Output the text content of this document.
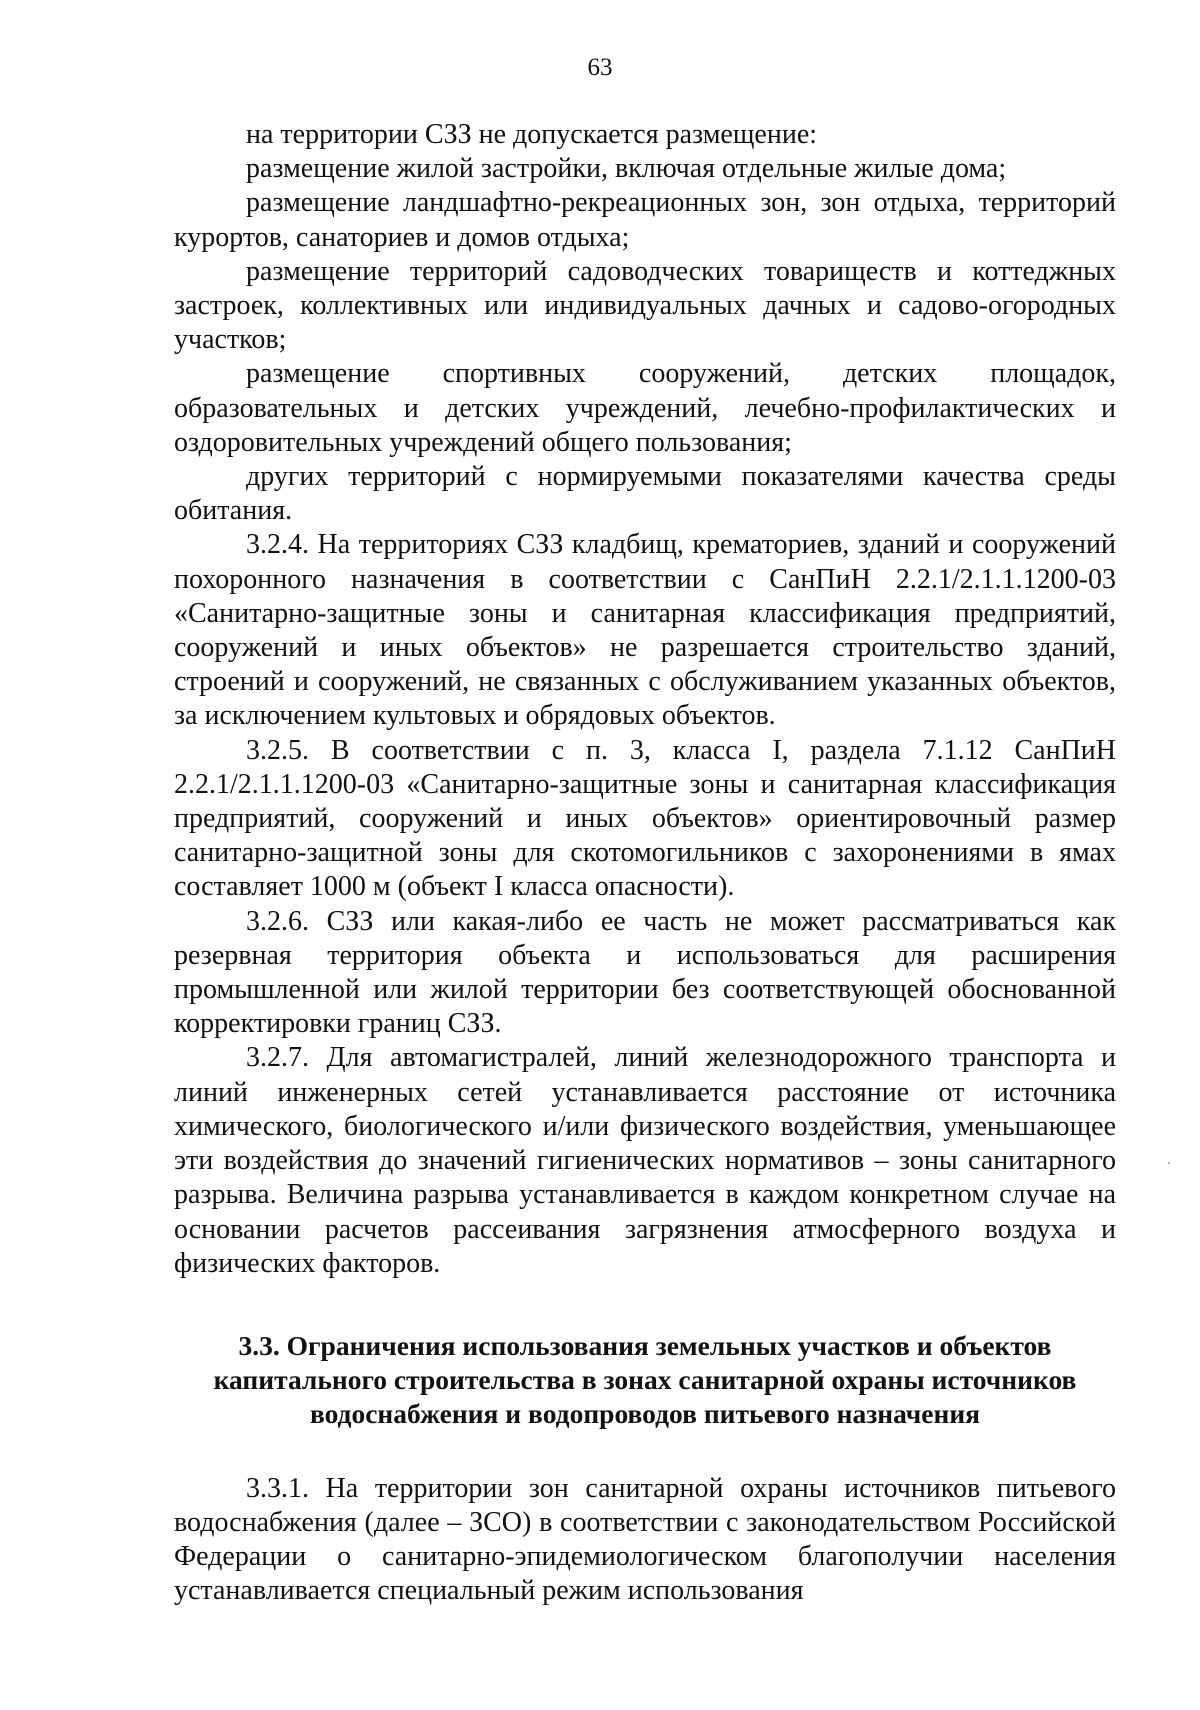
63

на территории СЗЗ не допускается размещение:

размещение жилой застройки, включая отдельные жилые дома;

размещение ландшафтно-рекреационных зон, зон отдыха, территорий курортов, санаториев и домов отдыха;

размещение территорий садоводческих товариществ и коттеджных застроек, коллективных или индивидуальных дачных и садово-огородных участков;

размещение спортивных сооружений, детских площадок, образовательных и детских учреждений, лечебно-профилактических и оздоровительных учреждений общего пользования;

других территорий с нормируемыми показателями качества среды обитания.

3.2.4. На территориях СЗЗ кладбищ, крематориев, зданий и сооружений похоронного назначения в соответствии с СанПиН 2.2.1/2.1.1.1200-03 «Санитарно-защитные зоны и санитарная классификация предприятий, сооружений и иных объектов» не разрешается строительство зданий, строений и сооружений, не связанных с обслуживанием указанных объектов, за исключением культовых и обрядовых объектов.

3.2.5. В соответствии с п. 3, класса I, раздела 7.1.12 СанПиН 2.2.1/2.1.1.1200-03 «Санитарно-защитные зоны и санитарная классификация предприятий, сооружений и иных объектов» ориентировочный размер санитарно-защитной зоны для скотомогильников с захоронениями в ямах составляет 1000 м (объект I класса опасности).

3.2.6. СЗЗ или какая-либо ее часть не может рассматриваться как резервная территория объекта и использоваться для расширения промышленной или жилой территории без соответствующей обоснованной корректировки границ СЗЗ.

3.2.7. Для автомагистралей, линий железнодорожного транспорта и линий инженерных сетей устанавливается расстояние от источника химического, биологического и/или физического воздействия, уменьшающее эти воздействия до значений гигиенических нормативов – зоны санитарного разрыва. Величина разрыва устанавливается в каждом конкретном случае на основании расчетов рассеивания загрязнения атмосферного воздуха и физических факторов.

3.3. Ограничения использования земельных участков и объектов
капитального строительства в зонах санитарной охраны источников
водоснабжения и водопроводов питьевого назначения

3.3.1. На территории зон санитарной охраны источников питьевого водоснабжения (далее – ЗСО) в соответствии с законодательством Российской Федерации о санитарно-эпидемиологическом благополучии населения устанавливается специальный режим использования
